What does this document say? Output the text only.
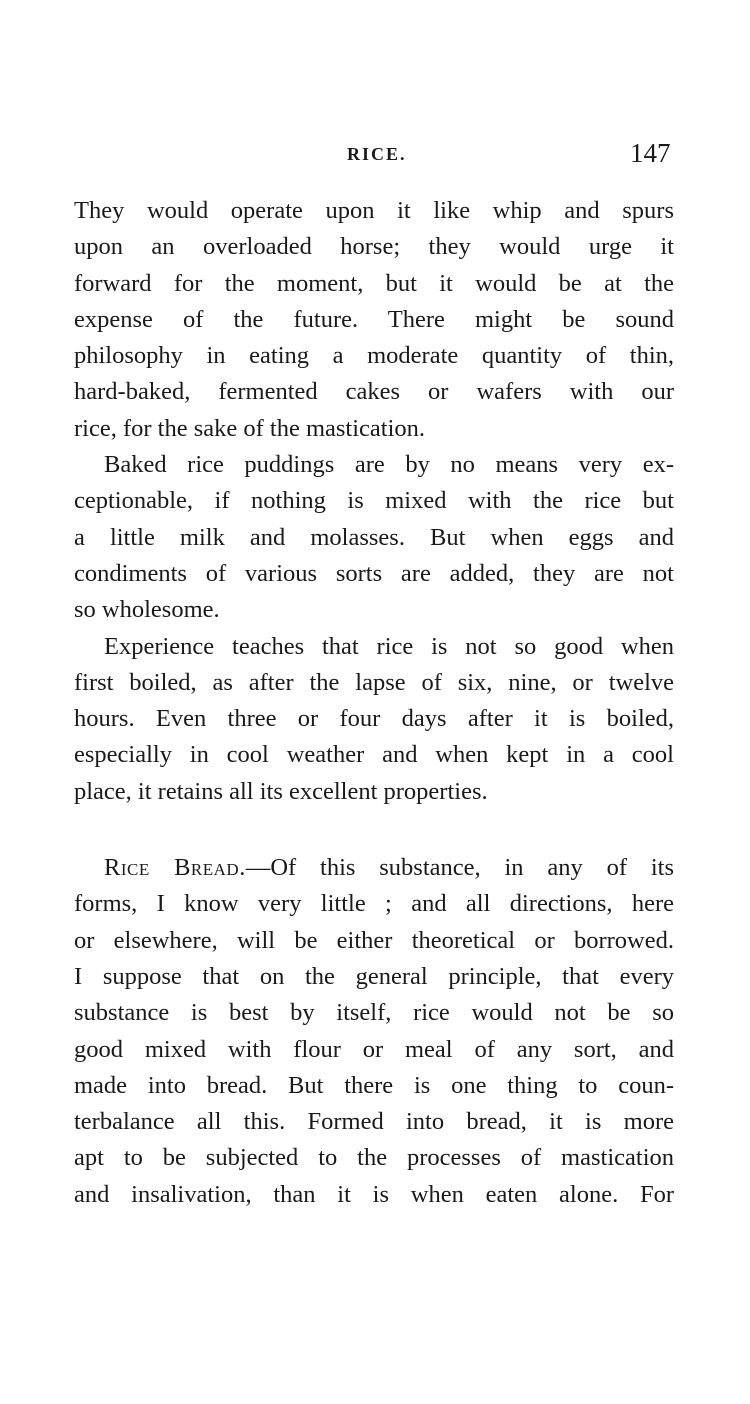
RICE.	147
They would operate upon it like whip and spurs
upon an overloaded horse; they would urge it
forward for the moment, but it would be at the
expense of the future. There might be sound
philosophy in eating a moderate quantity of thin,
hard-baked, fermented cakes or wafers with our
rice, for the sake of the mastication.
Baked rice puddings are by no means very ex-
ceptionable, if nothing is mixed with the rice but
a little milk and molasses. But when eggs and
condiments of various sorts are added, they are not
so wholesome.
Experience teaches that rice is not so good when
first boiled, as after the lapse of six, nine, or twelve
hours. Even three or four days after it is boiled,
especially in cool weather and when kept in a cool
place, it retains all its excellent properties.
Rice Bread.—Of this substance, in any of its
forms, I know very little ; and all directions, here
or elsewhere, will be either theoretical or borrowed.
I suppose that on the general principle, that every
substance is best by itself, rice would not be so
good mixed with flour or meal of any sort, and
made into bread. But there is one thing to coun-
terbalance all this. Formed into bread, it is more
apt to be subjected to the processes of mastication
and insalivation, than it is when eaten alone. For
